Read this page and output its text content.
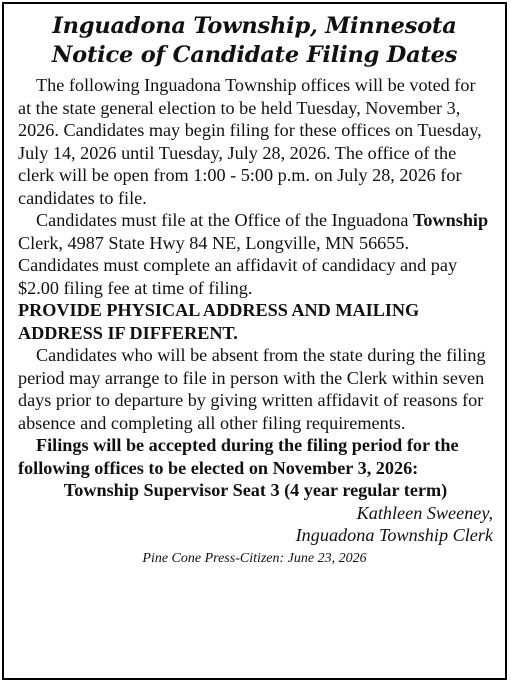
Inguadona Township, Minnesota
Notice of Candidate Filing Dates

The following Inguadona Township offices will be voted for at the state general election to be held Tuesday, November 3, 2026. Candidates may begin filing for these offices on Tuesday, July 14, 2026 until Tuesday, July 28, 2026. The office of the clerk will be open from 1:00 - 5:00 p.m. on July 28, 2026 for candidates to file.

Candidates must file at the Office of the Inguadona Township Clerk, 4987 State Hwy 84 NE, Longville, MN 56655. Candidates must complete an affidavit of candidacy and pay $2.00 filing fee at time of filing.

PROVIDE PHYSICAL ADDRESS AND MAILING ADDRESS IF DIFFERENT.

Candidates who will be absent from the state during the filing period may arrange to file in person with the Clerk within seven days prior to departure by giving written affidavit of reasons for absence and completing all other filing requirements.

Filings will be accepted during the filing period for the following offices to be elected on November 3, 2026:

Township Supervisor Seat 3 (4 year regular term)

Kathleen Sweeney,

Inguadona Township Clerk

Pine Cone Press-Citizen: June 23, 2026
